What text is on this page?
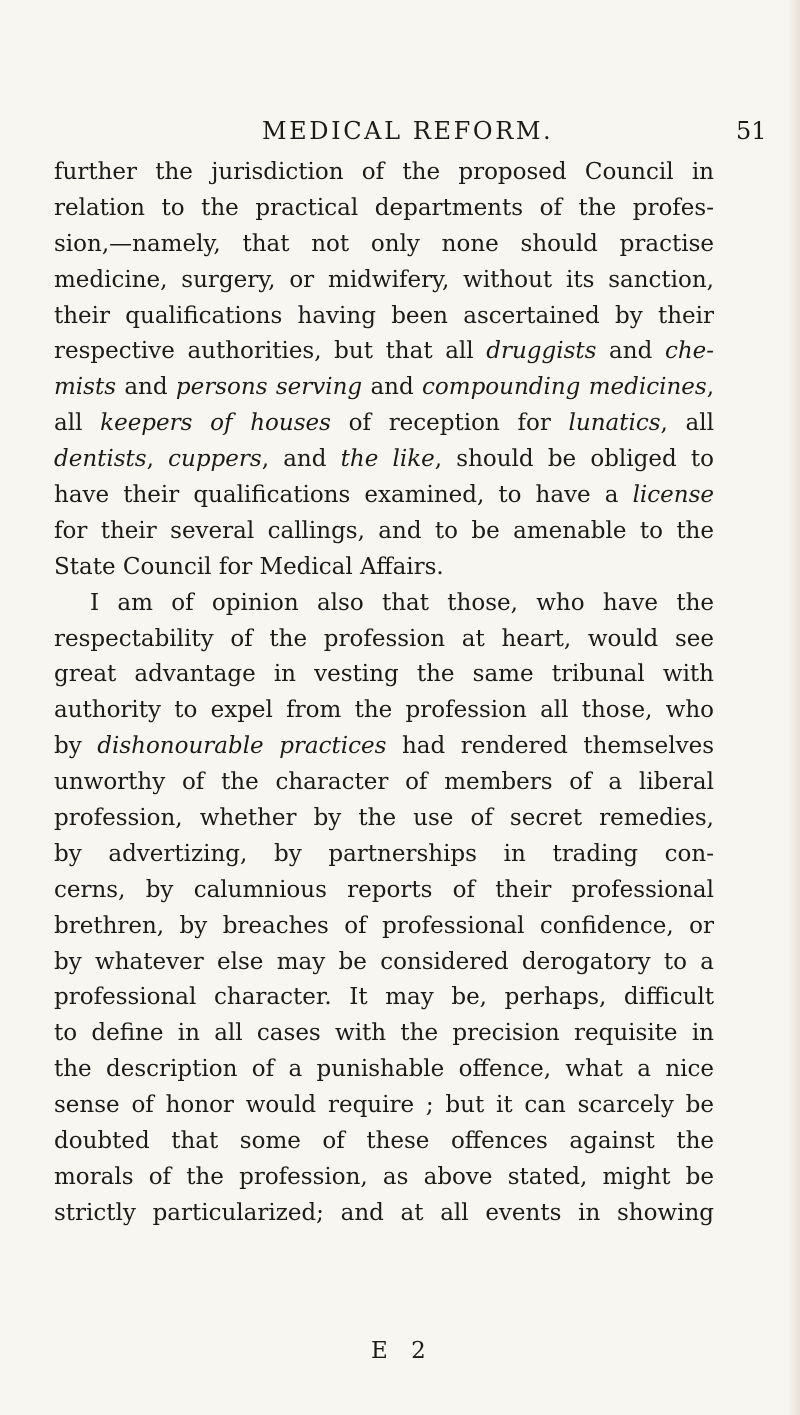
MEDICAL REFORM.	51
further the jurisdiction of the proposed Council in
relation to the practical departments of the profes-
sion,—namely, that not only none should practise
medicine, surgery, or midwifery, without its sanction,
their qualifications having been ascertained by their
respective authorities, but that all druggists and che-
mists and persons serving and compounding medicines,
all keepers of houses of reception for lunatics, all
dentists, cuppers, and the like, should be obliged to
have their qualifications examined, to have a license
for their several callings, and to be amenable to the
State Council for Medical Affairs.
I am of opinion also that those, who have the
respectability of the profession at heart, would see
great advantage in vesting the same tribunal with
authority to expel from the profession all those, who
by dishonourable practices had rendered themselves
unworthy of the character of members of a liberal
profession, whether by the use of secret remedies,
by advertizing, by partnerships in trading con-
cerns, by calumnious reports of their professional
brethren, by breaches of professional confidence, or
by whatever else may be considered derogatory to a
professional character. It may be, perhaps, difficult
to define in all cases with the precision requisite in
the description of a punishable offence, what a nice
sense of honor would require ; but it can scarcely be
doubted that some of these offences against the
morals of the profession, as above stated, might be
strictly particularized; and at all events in showing
E 2
